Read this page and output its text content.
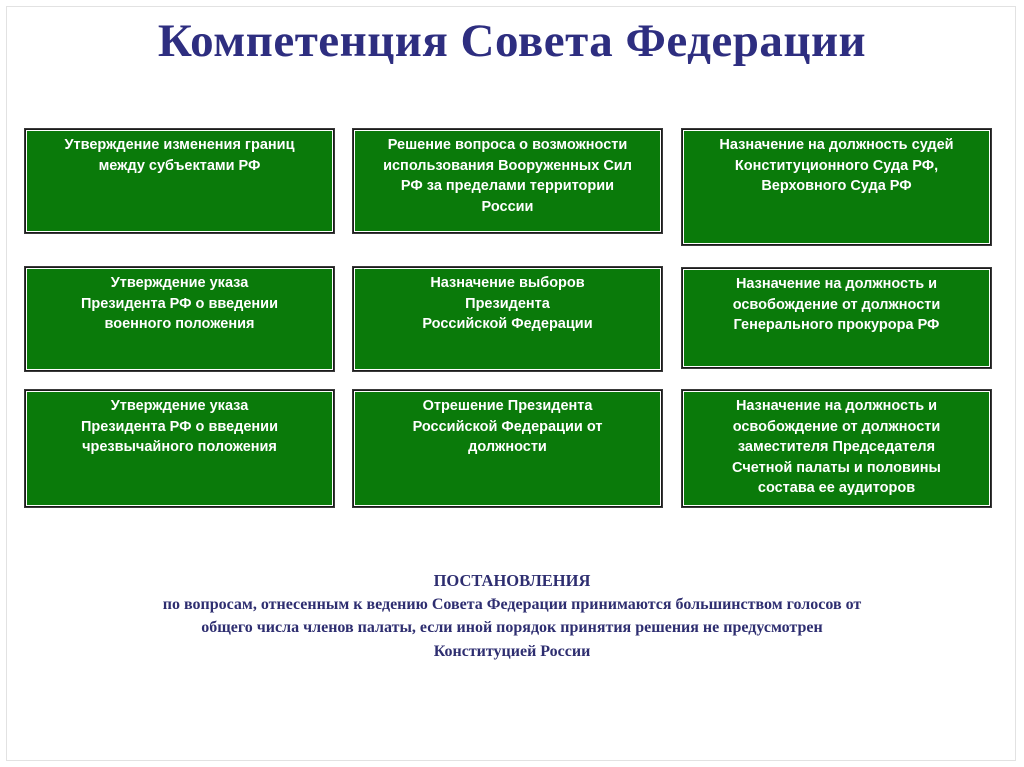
Компетенция Совета Федерации
Утверждение изменения границ
между субъектами РФ
Решение вопроса о возможности
использования Вооруженных Сил
РФ за пределами территории
России
Назначение на должность судей
Конституционного Суда РФ,
Верховного Суда РФ
Утверждение указа
Президента РФ о введении
военного положения
Назначение выборов
Президента
Российской Федерации
Назначение на должность и
освобождение от должности
Генерального прокурора РФ
Утверждение указа
Президента РФ о введении
чрезвычайного положения
Отрешение Президента
Российской Федерации от
должности
Назначение на должность и
освобождение от должности
заместителя Председателя
Счетной палаты и половины
состава ее аудиторов
ПОСТАНОВЛЕНИЯ
по вопросам, отнесенным к ведению Совета Федерации принимаются большинством голосов от
общего числа членов палаты, если иной порядок принятия решения не предусмотрен
Конституцией России
